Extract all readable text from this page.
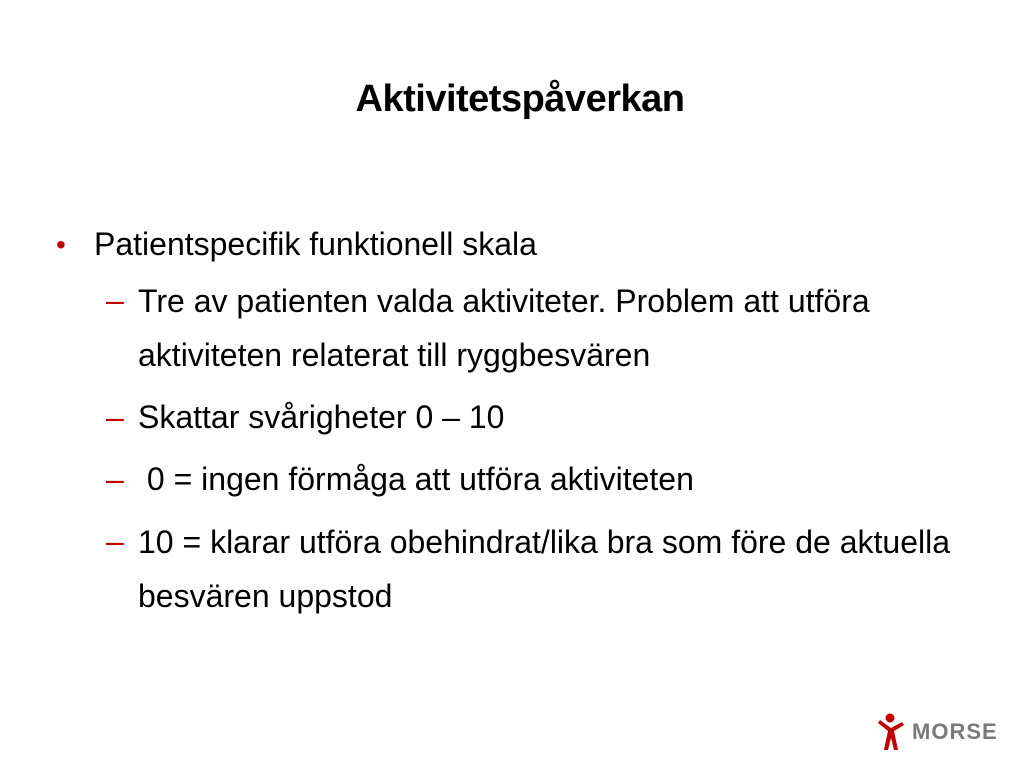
Aktivitetspåverkan
• Patientspecifik funktionell skala
– Tre av patienten valda aktiviteter. Problem att utföra aktiviteten relaterat till ryggbesvären
– Skattar svårigheter 0 – 10
– 0 = ingen förmåga att utföra aktiviteten
– 10 = klarar utföra obehindrat/lika bra som före de aktuella besvären uppstod
MORSE
